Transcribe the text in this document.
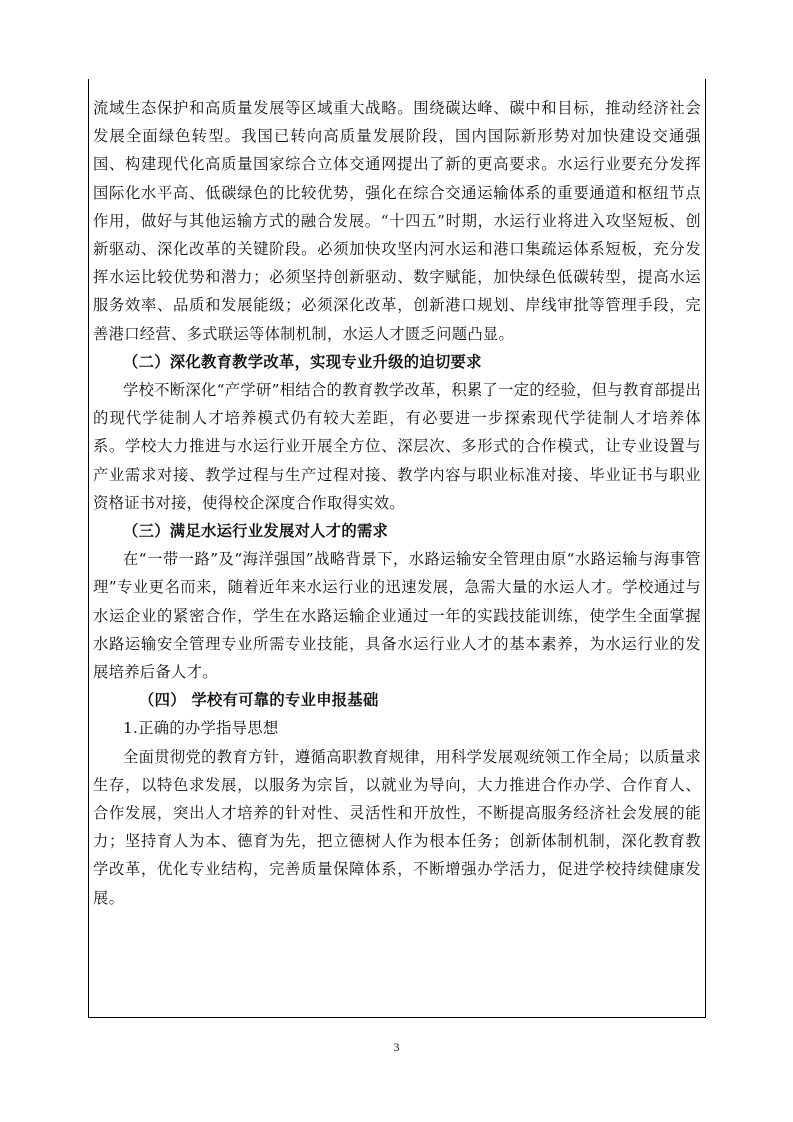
流域生态保护和高质量发展等区域重大战略。围绕碳达峰、碳中和目标，推动经济社会发展全面绿色转型。我国已转向高质量发展阶段，国内国际新形势对加快建设交通强国、构建现代化高质量国家综合立体交通网提出了新的更高要求。水运行业要充分发挥国际化水平高、低碳绿色的比较优势，强化在综合交通运输体系的重要通道和枢纽节点作用，做好与其他运输方式的融合发展。“十四五”时期，水运行业将进入攻坚短板、创新驱动、深化改革的关键阶段。必须加快攻坚内河水运和港口集疏运体系短板，充分发挥水运比较优势和潜力；必须坚持创新驱动、数字赋能，加快绿色低碳转型，提高水运服务效率、品质和发展能级；必须深化改革，创新港口规划、岸线审批等管理手段，完善港口经营、多式联运等体制机制，水运人才匮乏问题凸显。

（二）深化教育教学改革，实现专业升级的迫切要求

学校不断深化“产学研”相结合的教育教学改革，积累了一定的经验，但与教育部提出的现代学徒制人才培养模式仍有较大差距，有必要进一步探索现代学徒制人才培养体系。学校大力推进与水运行业开展全方位、深层次、多形式的合作模式，让专业设置与产业需求对接、教学过程与生产过程对接、教学内容与职业标准对接、毕业证书与职业资格证书对接，使得校企深度合作取得实效。

（三）满足水运行业发展对人才的需求

在“一带一路”及“海洋强国”战略背景下，水路运输安全管理由原“水路运输与海事管理”专业更名而来，随着近年来水运行业的迅速发展，急需大量的水运人才。学校通过与水运企业的紧密合作，学生在水路运输企业通过一年的实践技能训练，使学生全面掌握水路运输安全管理专业所需专业技能，具备水运行业人才的基本素养，为水运行业的发展培养后备人才。

（四） 学校有可靠的专业申报基础

1.正确的办学指导思想

全面贯彻党的教育方针，遵循高职教育规律，用科学发展观统领工作全局；以质量求生存，以特色求发展，以服务为宗旨，以就业为导向，大力推进合作办学、合作育人、合作发展，突出人才培养的针对性、灵活性和开放性，不断提高服务经济社会发展的能力；坚持育人为本、德育为先，把立德树人作为根本任务；创新体制机制，深化教育教学改革，优化专业结构，完善质量保障体系，不断增强办学活力，促进学校持续健康发展。

3
